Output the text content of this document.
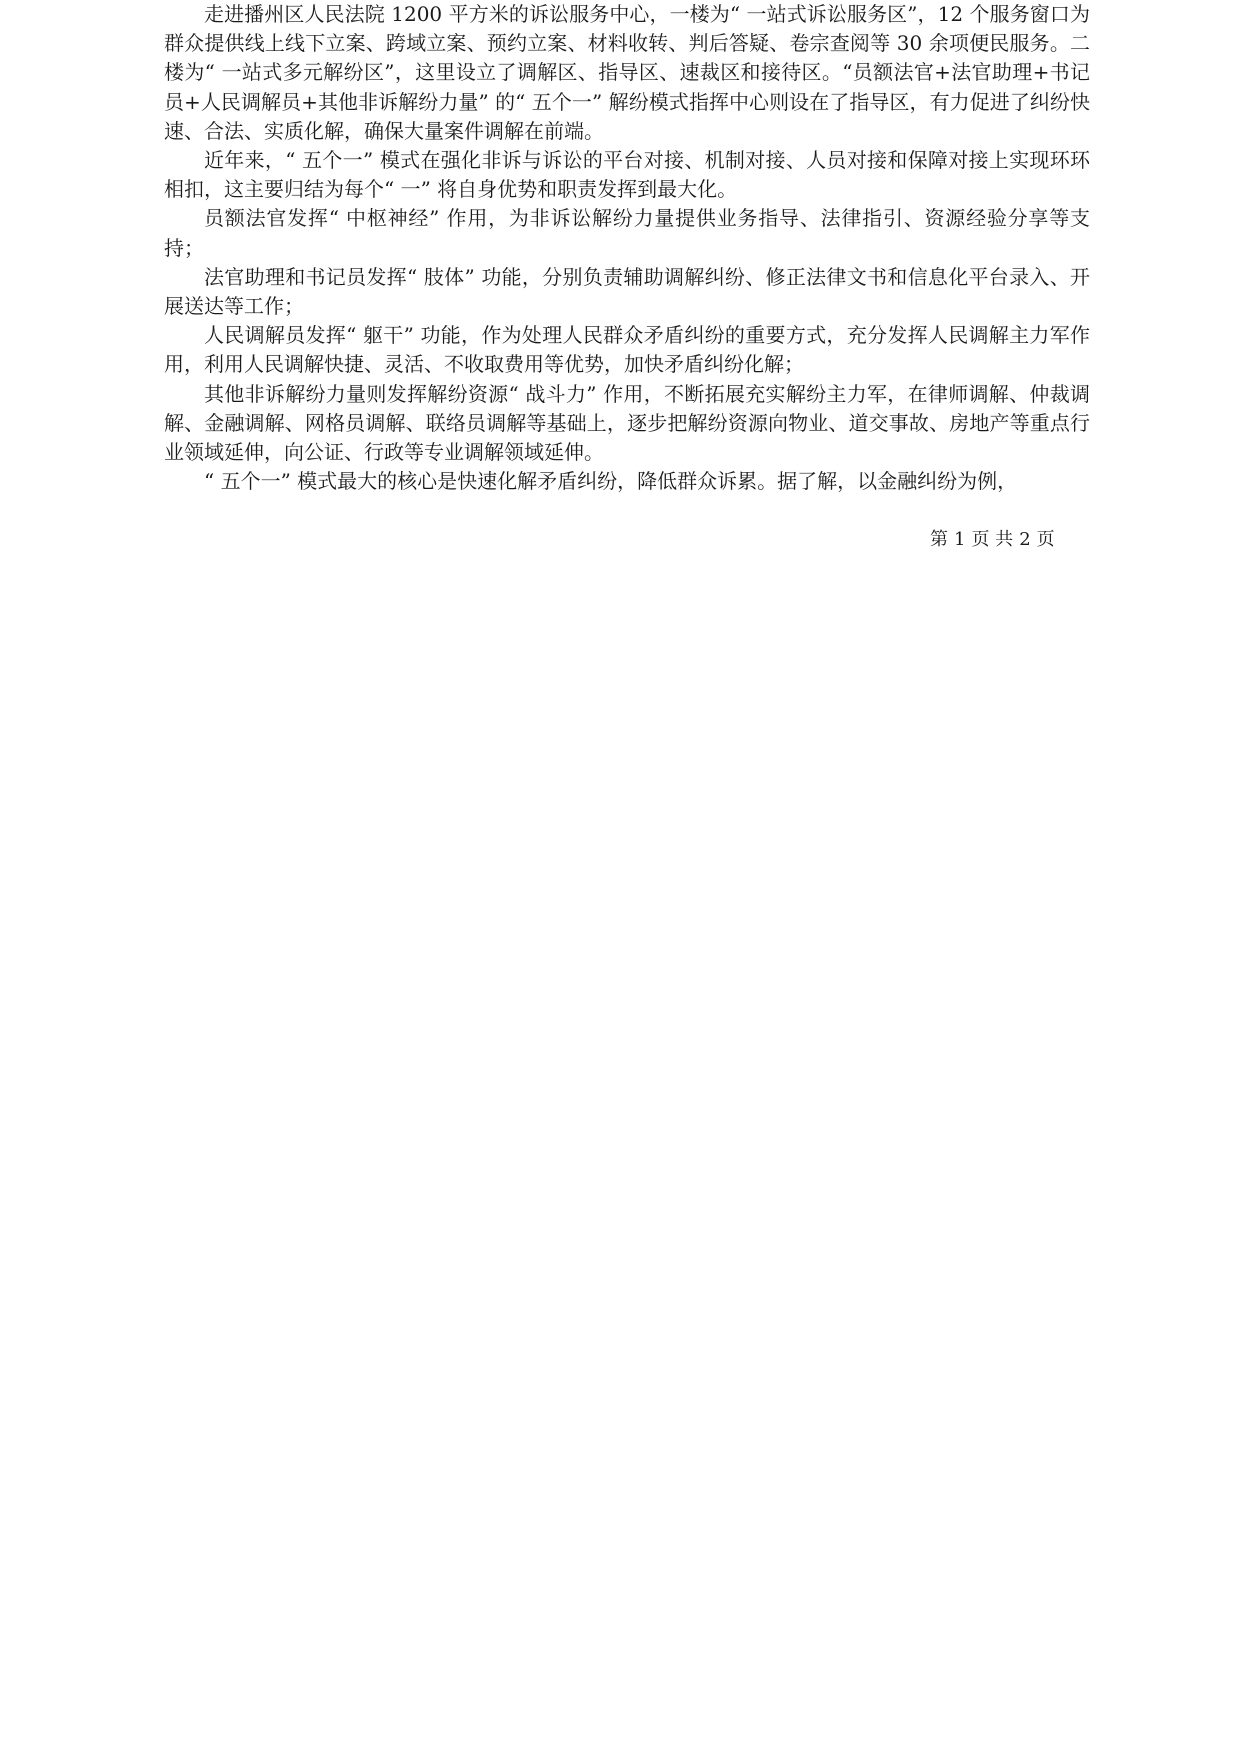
走进播州区人民法院 1200 平方米的诉讼服务中心，一楼为“ 一站式诉讼服务区”，12 个服务窗口为群众提供线上线下立案、跨域立案、预约立案、材料收转、判后答疑、卷宗查阅等 30 余项便民服务。二楼为“ 一站式多元解纷区”，这里设立了调解区、指导区、速裁区和接待区。“员额法官+法官助理+书记员+人民调解员+其他非诉解纷力量” 的“ 五个一” 解纷模式指挥中心则设在了指导区，有力促进了纠纷快速、合法、实质化解，确保大量案件调解在前端。

近年来，“ 五个一” 模式在强化非诉与诉讼的平台对接、机制对接、人员对接和保障对接上实现环环相扣，这主要归结为每个“ 一” 将自身优势和职责发挥到最大化。

员额法官发挥“ 中枢神经” 作用，为非诉讼解纷力量提供业务指导、法律指引、资源经验分享等支持；

法官助理和书记员发挥“ 肢体” 功能，分别负责辅助调解纠纷、修正法律文书和信息化平台录入、开展送达等工作；

人民调解员发挥“ 躯干” 功能，作为处理人民群众矛盾纠纷的重要方式，充分发挥人民调解主力军作用，利用人民调解快捷、灵活、不收取费用等优势，加快矛盾纠纷化解；

其他非诉解纷力量则发挥解纷资源“ 战斗力” 作用，不断拓展充实解纷主力军，在律师调解、仲裁调解、金融调解、网格员调解、联络员调解等基础上，逐步把解纷资源向物业、道交事故、房地产等重点行业领域延伸，向公证、行政等专业调解领域延伸。

“ 五个一” 模式最大的核心是快速化解矛盾纠纷，降低群众诉累。据了解，以金融纠纷为例，

第 1 页 共 2 页
